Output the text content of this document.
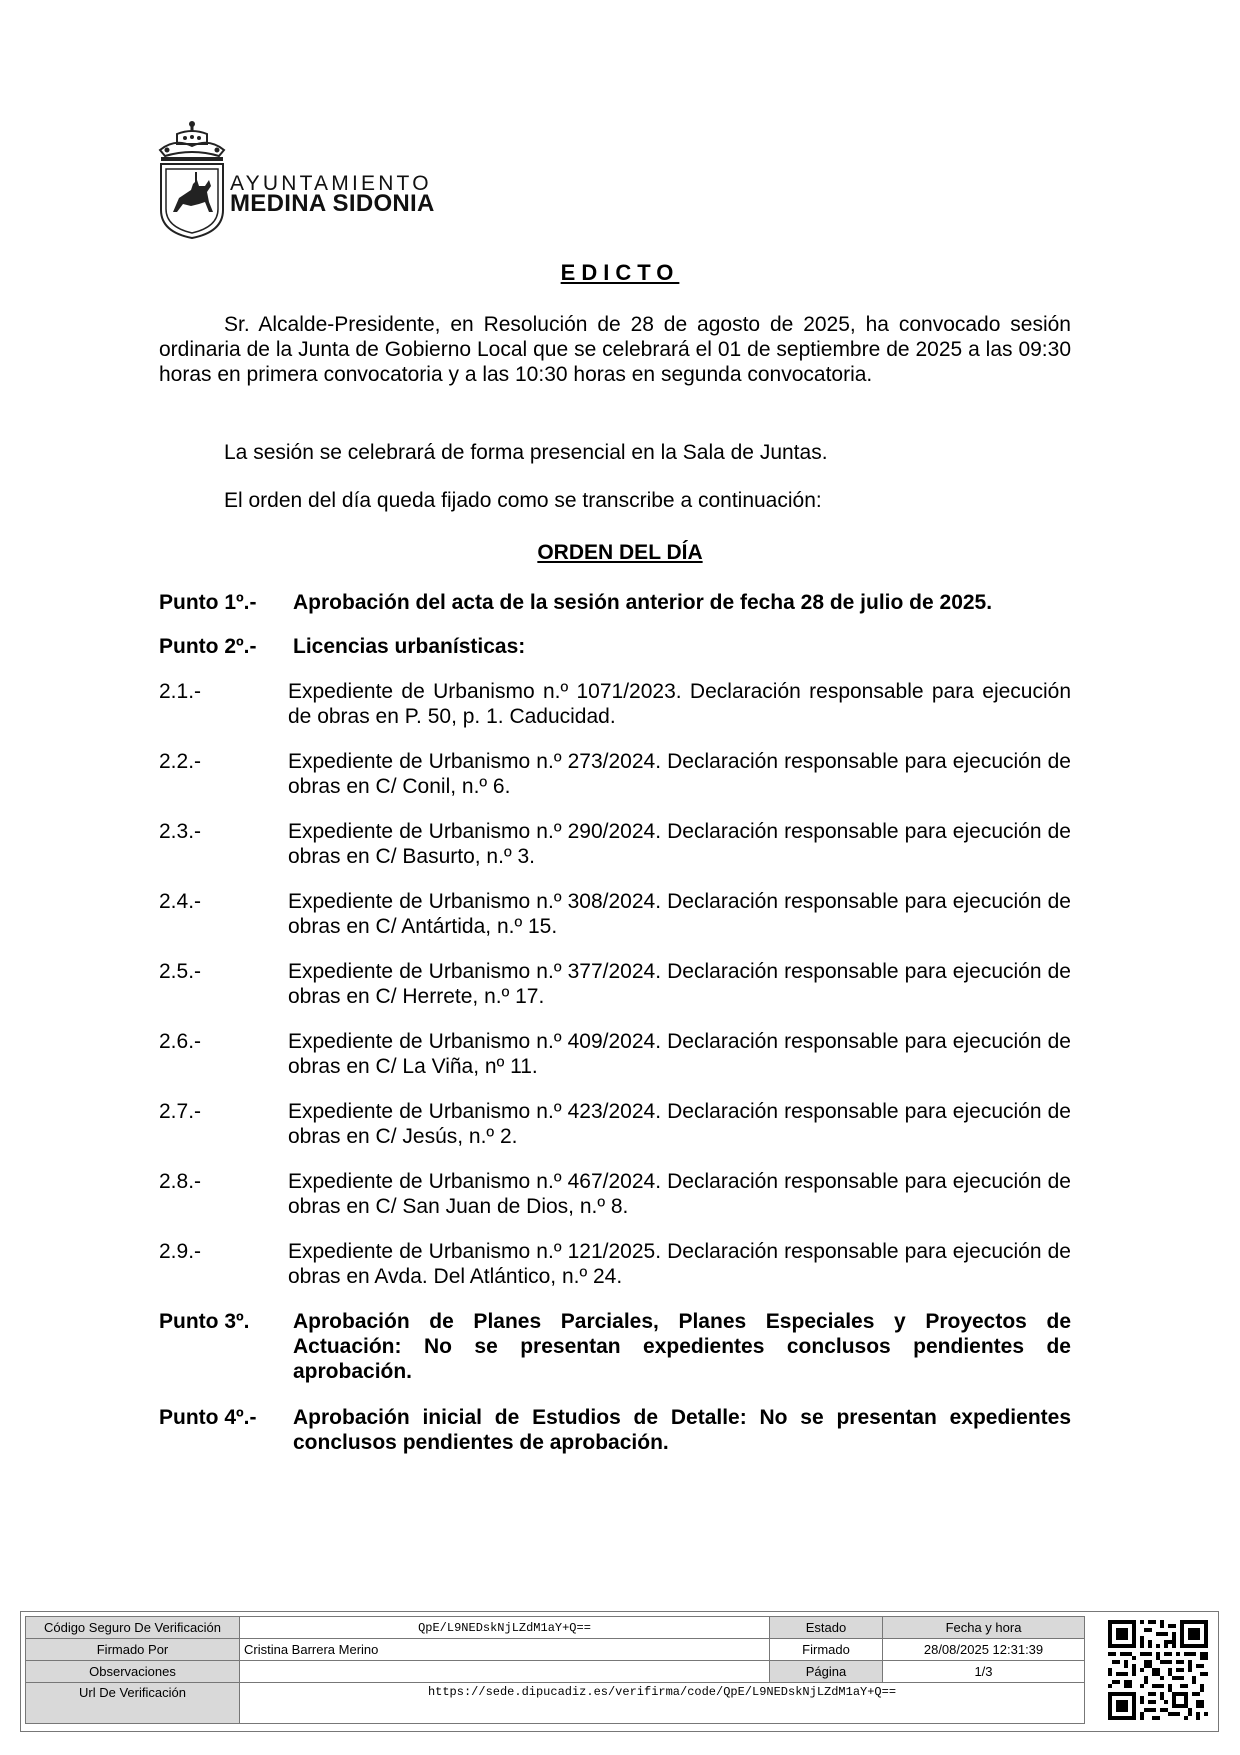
AYUNTAMIENTO
MEDINA SIDONIA
EDICTO
Sr. Alcalde-Presidente, en Resolución de 28 de agosto de 2025, ha convocado sesión ordinaria de la Junta de Gobierno Local que se celebrará el 01 de septiembre de 2025 a las 09:30 horas en primera convocatoria y a las 10:30 horas en segunda convocatoria.
La sesión se celebrará de forma presencial en la Sala de Juntas.
El orden del día queda fijado como se transcribe a continuación:
ORDEN DEL DÍA
Punto 1º.- Aprobación del acta de la sesión anterior de fecha 28 de julio de 2025.
Punto 2º.- Licencias urbanísticas:
2.1.-	Expediente de Urbanismo n.º 1071/2023. Declaración responsable para ejecución de obras en P. 50, p. 1. Caducidad.
2.2.-	Expediente de Urbanismo n.º 273/2024. Declaración responsable para ejecución de obras en C/ Conil, n.º 6.
2.3.-	Expediente de Urbanismo n.º 290/2024. Declaración responsable para ejecución de obras en C/ Basurto, n.º 3.
2.4.-	Expediente de Urbanismo n.º 308/2024. Declaración responsable para ejecución de obras en C/ Antártida, n.º 15.
2.5.-	Expediente de Urbanismo n.º 377/2024. Declaración responsable para ejecución de obras en C/ Herrete, n.º 17.
2.6.-	Expediente de Urbanismo n.º 409/2024. Declaración responsable para ejecución de obras en C/ La Viña, nº 11.
2.7.-	Expediente de Urbanismo n.º 423/2024. Declaración responsable para ejecución de obras en C/ Jesús, n.º 2.
2.8.-	Expediente de Urbanismo n.º 467/2024. Declaración responsable para ejecución de obras en C/ San Juan de Dios, n.º 8.
2.9.-	Expediente de Urbanismo n.º 121/2025. Declaración responsable para ejecución de obras en Avda. Del Atlántico, n.º 24.
Punto 3º. Aprobación de Planes Parciales, Planes Especiales y Proyectos de Actuación: No se presentan expedientes conclusos pendientes de aprobación.
Punto 4º.- Aprobación inicial de Estudios de Detalle: No se presentan expedientes conclusos pendientes de aprobación.
Código Seguro De Verificación	QpE/L9NEDskNjLZdM1aY+Q==	Estado	Fecha y hora
Firmado Por	Cristina Barrera Merino	Firmado	28/08/2025 12:31:39
Observaciones		Página	1/3
Url De Verificación	https://sede.dipucadiz.es/verifirma/code/QpE/L9NEDskNjLZdM1aY+Q==		
